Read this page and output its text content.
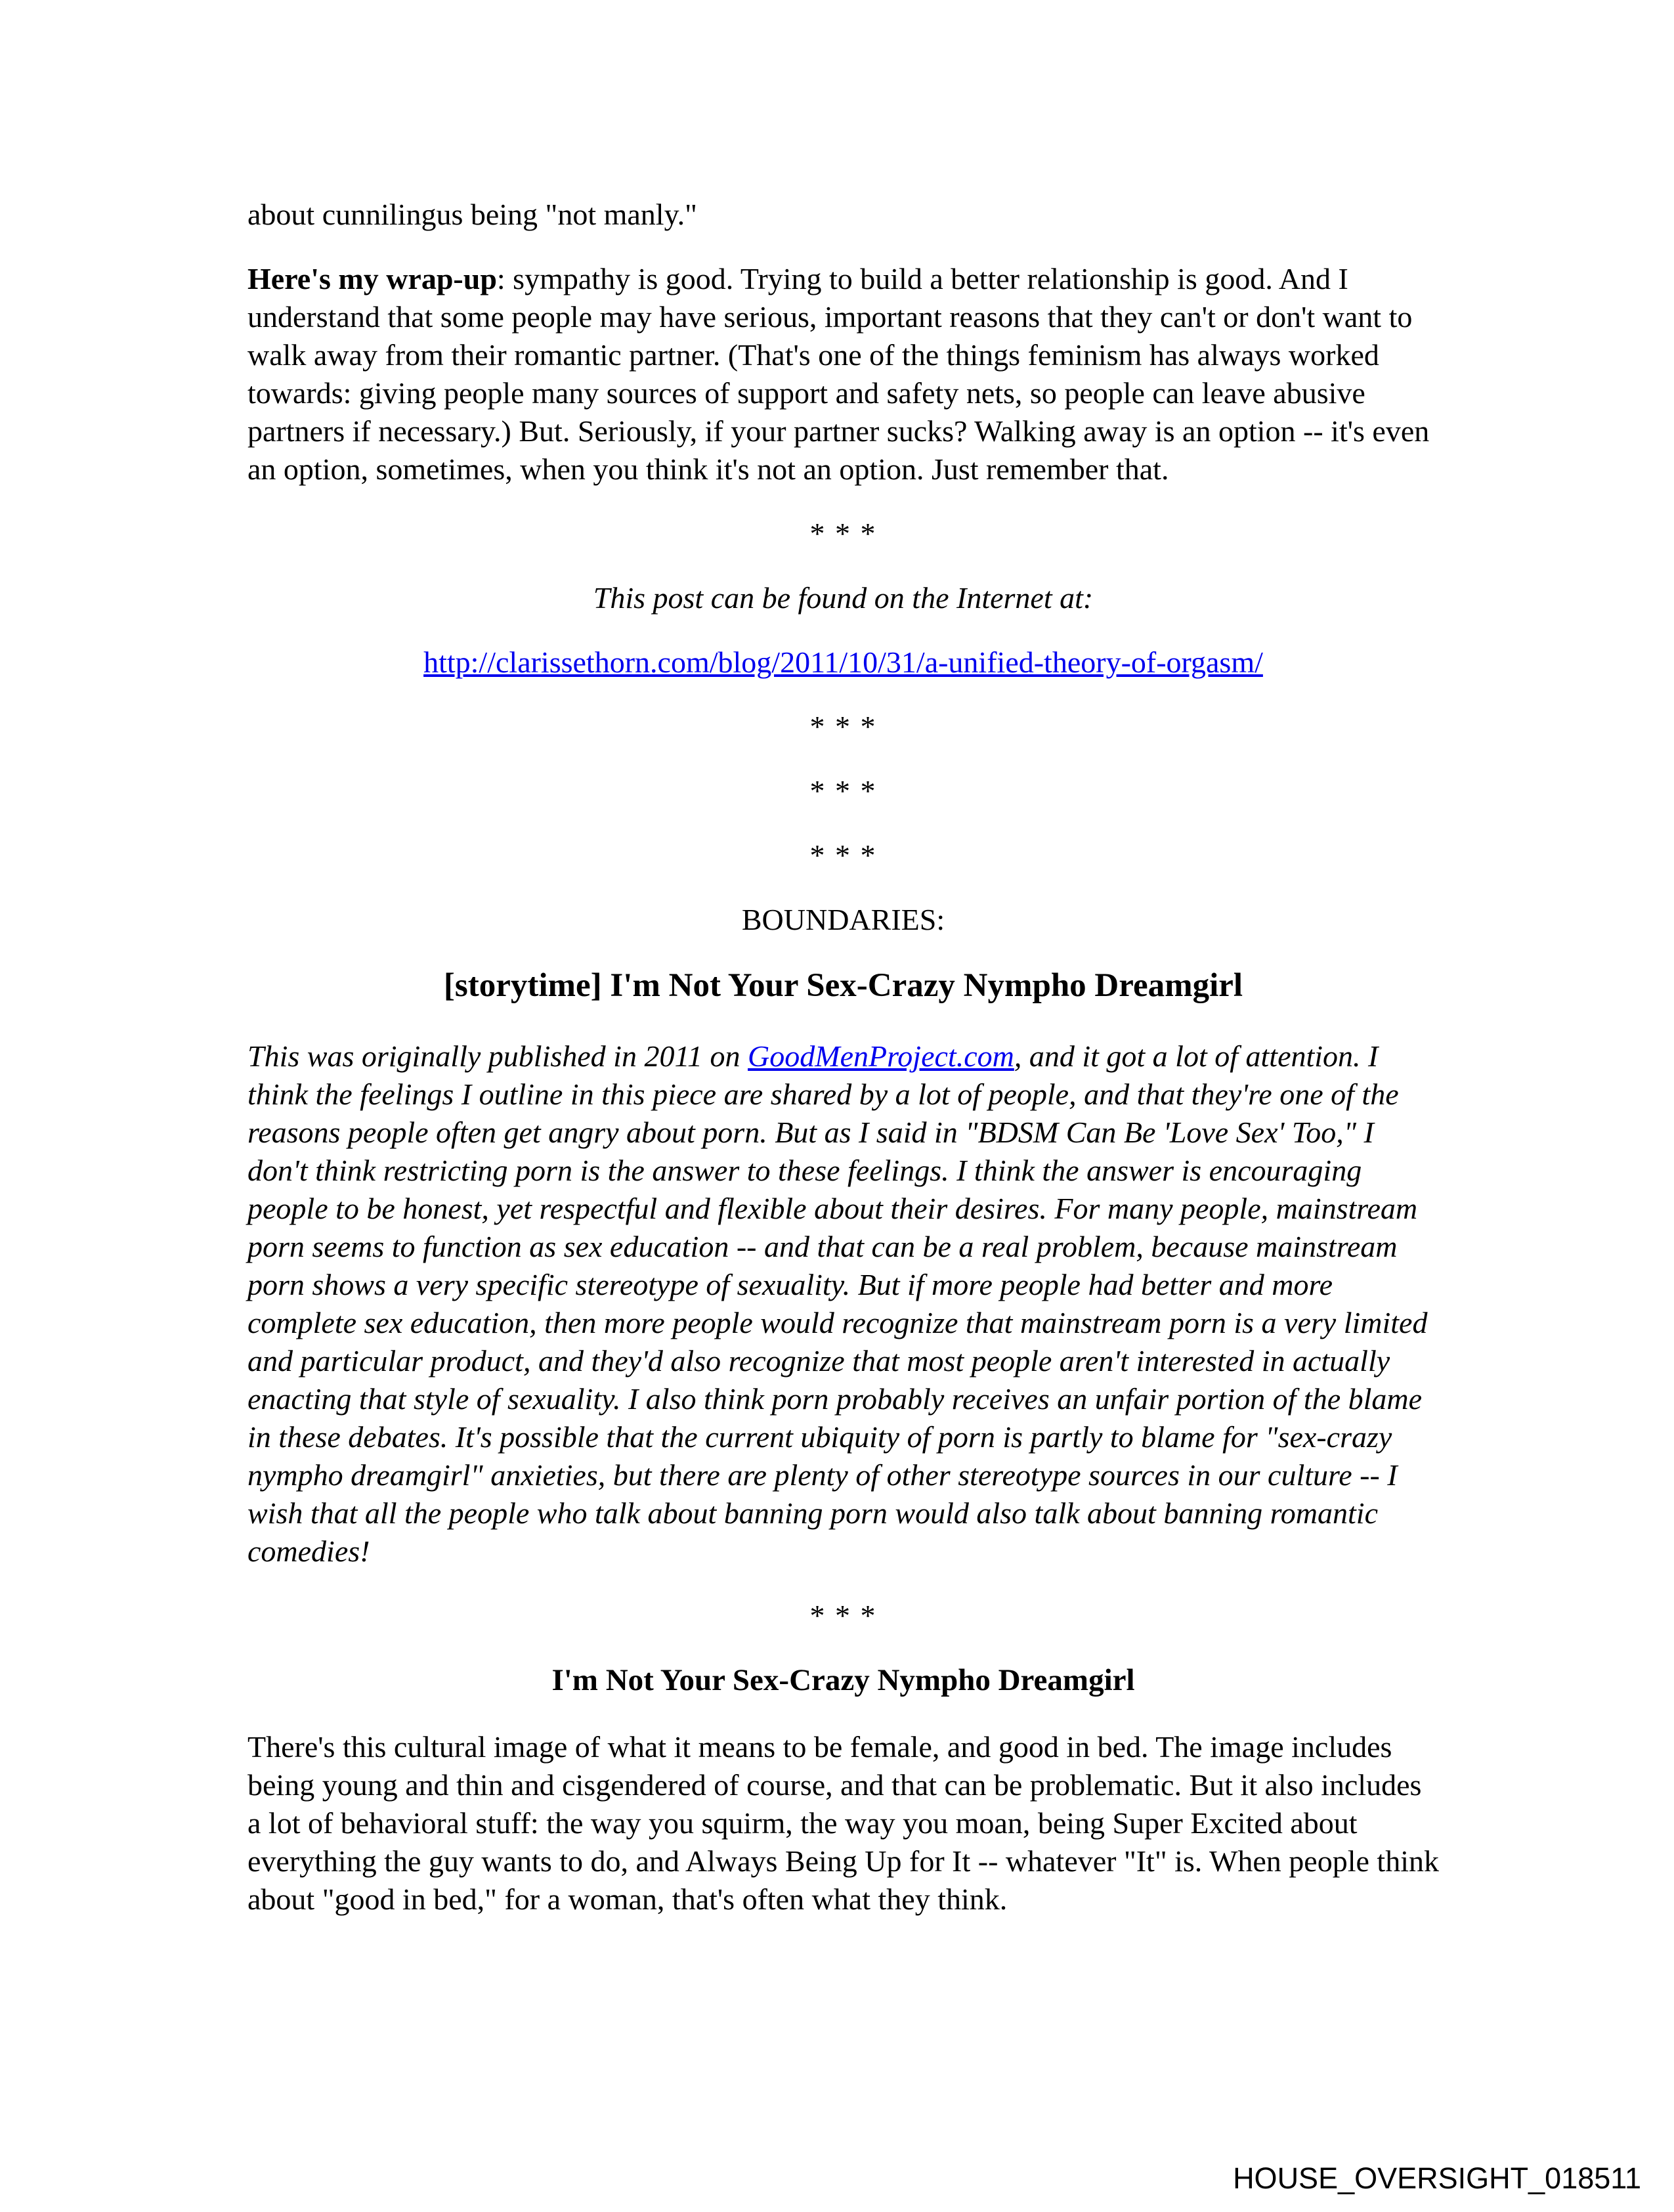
about cunnilingus being "not manly."

Here's my wrap-up: sympathy is good. Trying to build a better relationship is good. And I understand that some people may have serious, important reasons that they can't or don't want to walk away from their romantic partner. (That's one of the things feminism has always worked towards: giving people many sources of support and safety nets, so people can leave abusive partners if necessary.) But. Seriously, if your partner sucks? Walking away is an option -- it's even an option, sometimes, when you think it's not an option. Just remember that.

* * *

This post can be found on the Internet at:

http://clarissethorn.com/blog/2011/10/31/a-unified-theory-of-orgasm/

* * *

* * *

* * *

BOUNDARIES:

[storytime] I'm Not Your Sex-Crazy Nympho Dreamgirl

This was originally published in 2011 on GoodMenProject.com, and it got a lot of attention. I think the feelings I outline in this piece are shared by a lot of people, and that they're one of the reasons people often get angry about porn. But as I said in "BDSM Can Be 'Love Sex' Too," I don't think restricting porn is the answer to these feelings. I think the answer is encouraging people to be honest, yet respectful and flexible about their desires. For many people, mainstream porn seems to function as sex education -- and that can be a real problem, because mainstream porn shows a very specific stereotype of sexuality. But if more people had better and more complete sex education, then more people would recognize that mainstream porn is a very limited and particular product, and they'd also recognize that most people aren't interested in actually enacting that style of sexuality. I also think porn probably receives an unfair portion of the blame in these debates. It's possible that the current ubiquity of porn is partly to blame for "sex-crazy nympho dreamgirl" anxieties, but there are plenty of other stereotype sources in our culture -- I wish that all the people who talk about banning porn would also talk about banning romantic comedies!

* * *

I'm Not Your Sex-Crazy Nympho Dreamgirl

There's this cultural image of what it means to be female, and good in bed. The image includes being young and thin and cisgendered of course, and that can be problematic. But it also includes a lot of behavioral stuff: the way you squirm, the way you moan, being Super Excited about everything the guy wants to do, and Always Being Up for It -- whatever "It" is. When people think about "good in bed," for a woman, that's often what they think.

HOUSE_OVERSIGHT_018511
